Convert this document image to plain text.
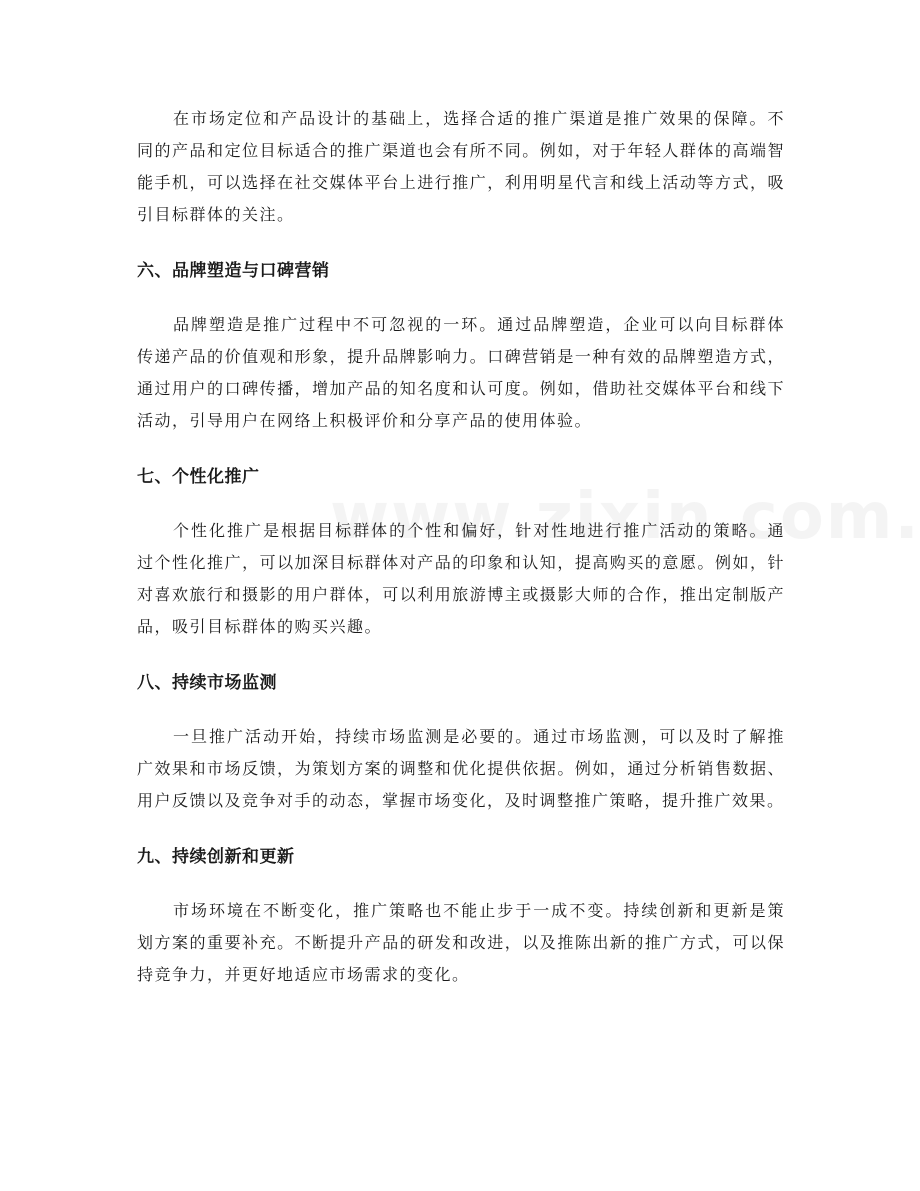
在市场定位和产品设计的基础上，选择合适的推广渠道是推广效果的保障。不同的产品和定位目标适合的推广渠道也会有所不同。例如，对于年轻人群体的高端智能手机，可以选择在社交媒体平台上进行推广，利用明星代言和线上活动等方式，吸引目标群体的关注。

六、品牌塑造与口碑营销

品牌塑造是推广过程中不可忽视的一环。通过品牌塑造，企业可以向目标群体传递产品的价值观和形象，提升品牌影响力。口碑营销是一种有效的品牌塑造方式，通过用户的口碑传播，增加产品的知名度和认可度。例如，借助社交媒体平台和线下活动，引导用户在网络上积极评价和分享产品的使用体验。

七、个性化推广

个性化推广是根据目标群体的个性和偏好，针对性地进行推广活动的策略。通过个性化推广，可以加深目标群体对产品的印象和认知，提高购买的意愿。例如，针对喜欢旅行和摄影的用户群体，可以利用旅游博主或摄影大师的合作，推出定制版产品，吸引目标群体的购买兴趣。

八、持续市场监测

一旦推广活动开始，持续市场监测是必要的。通过市场监测，可以及时了解推广效果和市场反馈，为策划方案的调整和优化提供依据。例如，通过分析销售数据、用户反馈以及竞争对手的动态，掌握市场变化，及时调整推广策略，提升推广效果。

九、持续创新和更新

市场环境在不断变化，推广策略也不能止步于一成不变。持续创新和更新是策划方案的重要补充。不断提升产品的研发和改进，以及推陈出新的推广方式，可以保持竞争力，并更好地适应市场需求的变化。
